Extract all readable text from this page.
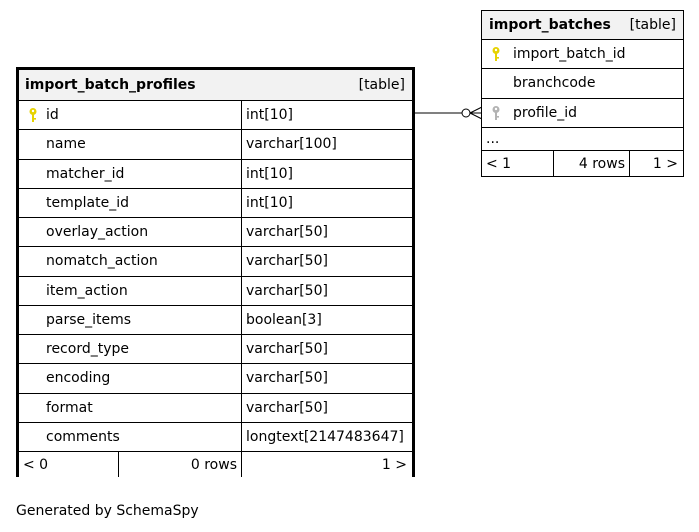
import_batch_profiles	[table]
id	int[10]
name	varchar[100]
matcher_id	int[10]
template_id	int[10]
overlay_action	varchar[50]
nomatch_action	varchar[50]
item_action	varchar[50]
parse_items	boolean[3]
record_type	varchar[50]
encoding	varchar[50]
format	varchar[50]
comments	longtext[2147483647]
< 0	0 rows	1 >
import_batches [table]
import_batch_id
branchcode
profile_id
...
< 1	4 rows 1 >
Generated by SchemaSpy
